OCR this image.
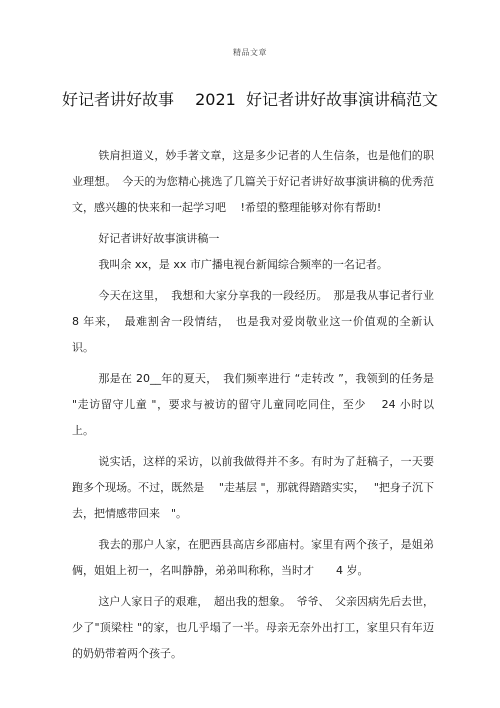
精品文章
好记者讲好故事　 2021  好记者讲好故事演讲稿范文

铁肩担道义，妙手著文章，这是多少记者的人生信条，也是他们的职业理想。　今天的为您精心挑选了几篇关于好记者讲好故事演讲稿的优秀范文，感兴趣的快来和一起学习吧　 !希望的整理能够对你有帮助!

好记者讲好故事演讲稿一

我叫余 xx，是 xx 市广播电视台新闻综合频率的一名记者。

今天在这里，　我想和大家分享我的一段经历。　那是我从事记者行业 8 年来，　最难割舍一段情结，　也是我对爱岗敬业这一价值观的全新认识。

那是在 20__年的夏天，　我们频率进行 “走转改 ”，我领到的任务是 "走访留守儿童 "，要求与被访的留守儿童同吃同住，至少　 24 小时以上。

说实话，这样的采访，以前我做得并不多。有时为了赶稿子，一天要跑多个现场。不过，既然是　 "走基层 "，那就得踏踏实实，　 "把身子沉下去，把情感带回来　"。

我去的那户人家，在肥西县高店乡邵庙村。家里有两个孩子，是姐弟俩，姐姐上初一，名叫静静，弟弟叫称称，当时才　　4 岁。

这户人家日子的艰难，　超出我的想象。　爷爷、　父亲因病先后去世，少了"顶梁柱 "的家，也几乎塌了一半。母亲无奈外出打工，家里只有年迈的奶奶带着两个孩子。
